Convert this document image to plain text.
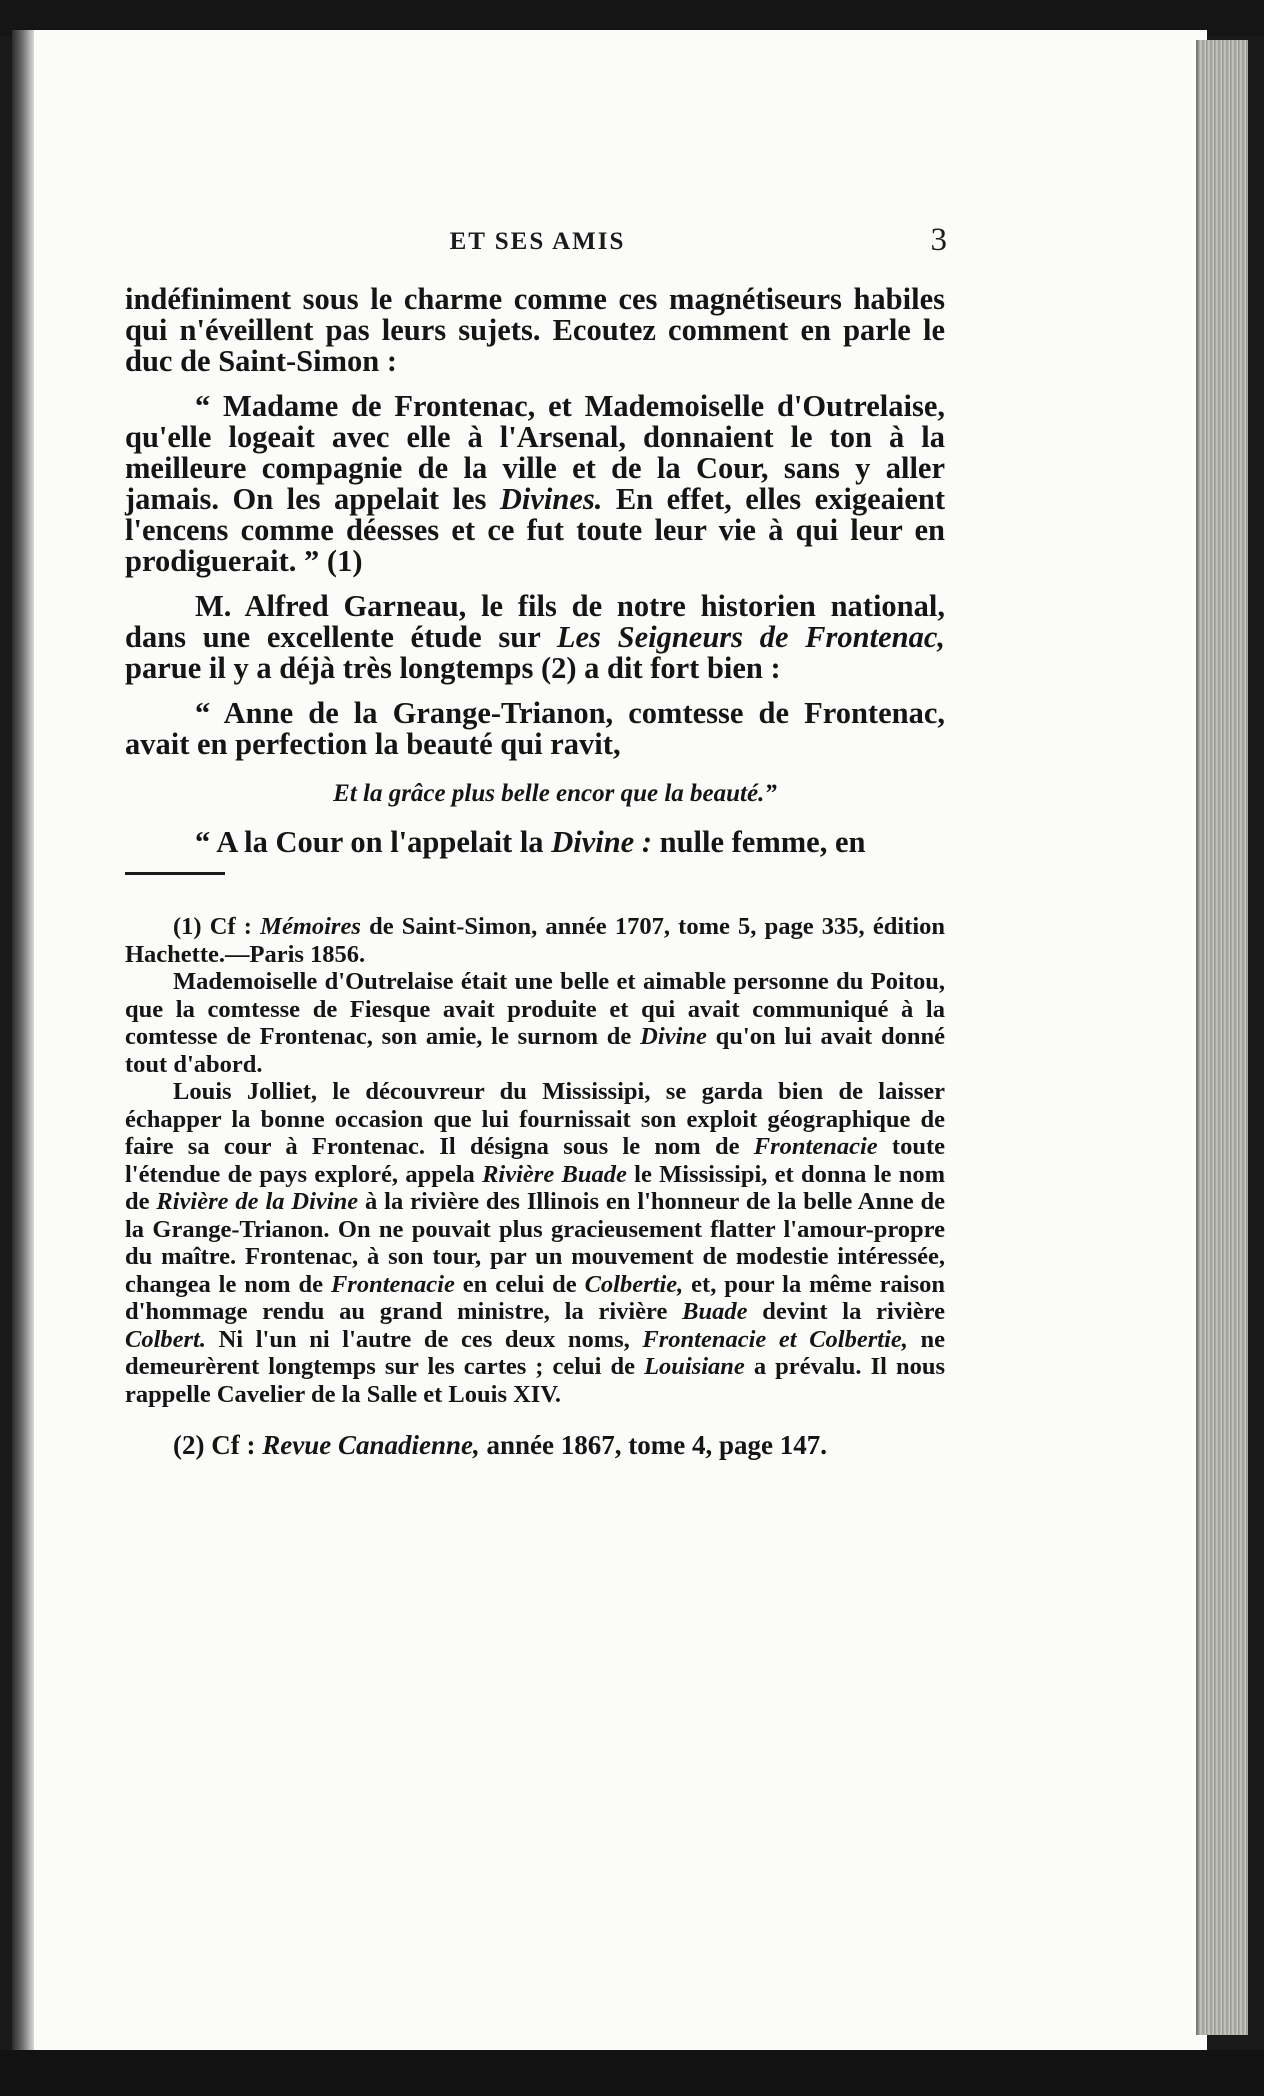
ET SES AMIS	3

indéfiniment sous le charme comme ces magnétiseurs habiles qui n'éveillent pas leurs sujets. Ecoutez comment en parle le duc de Saint-Simon :

“ Madame de Frontenac, et Mademoiselle d'Outrelaise, qu'elle logeait avec elle à l'Arsenal, donnaient le ton à la meilleure compagnie de la ville et de la Cour, sans y aller jamais. On les appelait les Divines. En effet, elles exigeaient l'encens comme déesses et ce fut toute leur vie à qui leur en prodiguerait. ” (1)

M. Alfred Garneau, le fils de notre historien national, dans une excellente étude sur Les Seigneurs de Frontenac, parue il y a déjà très longtemps (2) a dit fort bien :

“ Anne de la Grange-Trianon, comtesse de Frontenac, avait en perfection la beauté qui ravit,

Et la grâce plus belle encor que la beauté.”

“ A la Cour on l'appelait la Divine : nulle femme, en

(1) Cf : Mémoires de Saint-Simon, année 1707, tome 5, page 335, édition Hachette.—Paris 1856.

Mademoiselle d'Outrelaise était une belle et aimable personne du Poitou, que la comtesse de Fiesque avait produite et qui avait communiqué à la comtesse de Frontenac, son amie, le surnom de Divine qu'on lui avait donné tout d'abord.

Louis Jolliet, le découvreur du Mississipi, se garda bien de laisser échapper la bonne occasion que lui fournissait son exploit géographique de faire sa cour à Frontenac. Il désigna sous le nom de Frontenacie toute l'étendue de pays exploré, appela Rivière Buade le Mississipi, et donna le nom de Rivière de la Divine à la rivière des Illinois en l'honneur de la belle Anne de la Grange-Trianon. On ne pouvait plus gracieusement flatter l'amour-propre du maître. Frontenac, à son tour, par un mouvement de modestie intéressée, changea le nom de Frontenacie en celui de Colbertie, et, pour la même raison d'hommage rendu au grand ministre, la rivière Buade devint la rivière Colbert. Ni l'un ni l'autre de ces deux noms, Frontenacie et Colbertie, ne demeurèrent longtemps sur les cartes ; celui de Louisiane a prévalu. Il nous rappelle Cavelier de la Salle et Louis XIV.

(2) Cf : Revue Canadienne, année 1867, tome 4, page 147.
